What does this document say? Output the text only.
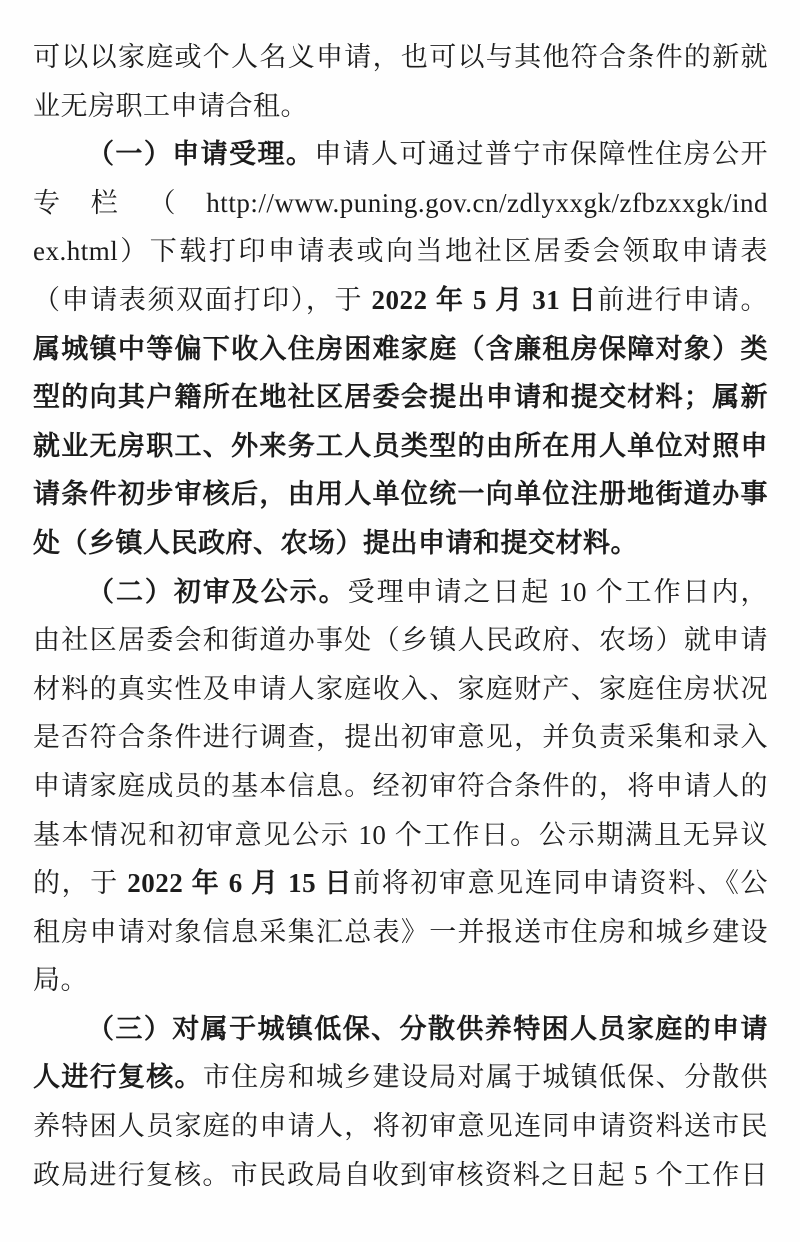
可以以家庭或个人名义申请，也可以与其他符合条件的新就
业无房职工申请合租。
（一）申请受理。申请人可通过普宁市保障性住房公开
专栏（http://www.puning.gov.cn/zdlyxxgk/zfbzxxgk/ind
ex.html）下载打印申请表或向当地社区居委会领取申请表
（申请表须双面打印），于 2022 年 5 月 31 日前进行申请。
属城镇中等偏下收入住房困难家庭（含廉租房保障对象）类
型的向其户籍所在地社区居委会提出申请和提交材料；属新
就业无房职工、外来务工人员类型的由所在用人单位对照申
请条件初步审核后，由用人单位统一向单位注册地街道办事
处（乡镇人民政府、农场）提出申请和提交材料。
（二）初审及公示。受理申请之日起 10 个工作日内，
由社区居委会和街道办事处（乡镇人民政府、农场）就申请
材料的真实性及申请人家庭收入、家庭财产、家庭住房状况
是否符合条件进行调查，提出初审意见，并负责采集和录入
申请家庭成员的基本信息。经初审符合条件的，将申请人的
基本情况和初审意见公示 10 个工作日。公示期满且无异议
的，于 2022 年 6 月 15 日前将初审意见连同申请资料、《公
租房申请对象信息采集汇总表》一并报送市住房和城乡建设
局。
（三）对属于城镇低保、分散供养特困人员家庭的申请
人进行复核。市住房和城乡建设局对属于城镇低保、分散供
养特困人员家庭的申请人，将初审意见连同申请资料送市民
政局进行复核。市民政局自收到审核资料之日起 5 个工作日
